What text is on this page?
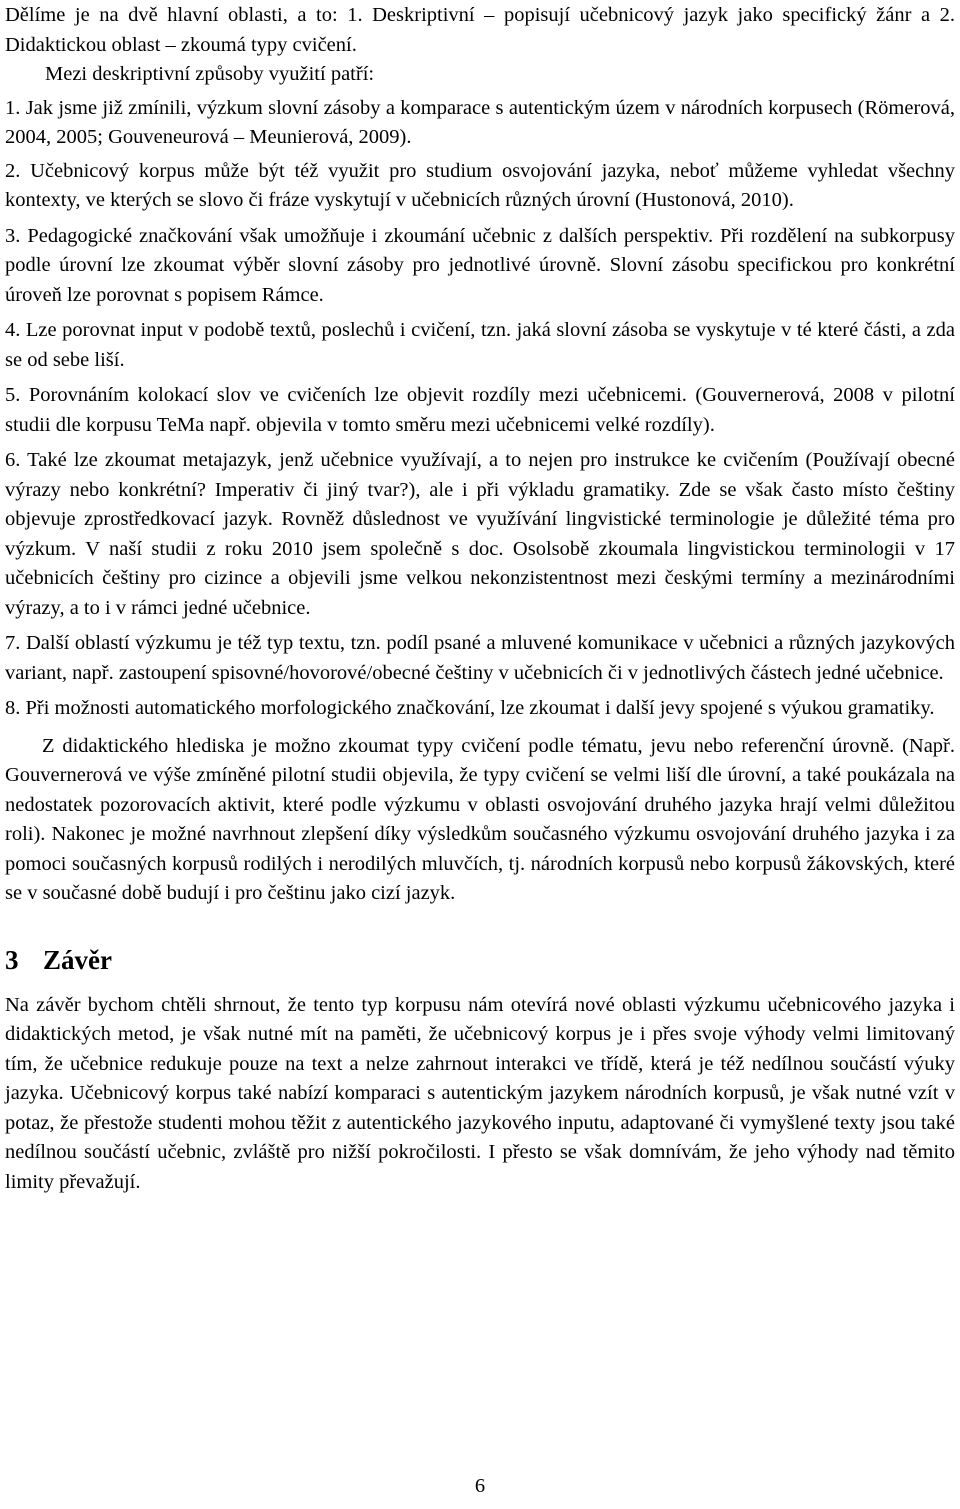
Dělíme je na dvě hlavní oblasti, a to: 1. Deskriptivní – popisují učebnicový jazyk jako specifický žánr a 2. Didaktickou oblast – zkoumá typy cvičení.

Mezi deskriptivní způsoby využití patří:

1. Jak jsme již zmínili, výzkum slovní zásoby a komparace s autentickým územ v národních korpusech (Römerová, 2004, 2005; Gouveneurová – Meunierová, 2009).

2. Učebnicový korpus může být též využit pro studium osvojování jazyka, neboť můžeme vyhledat všechny kontexty, ve kterých se slovo či fráze vyskytují v učebnicích různých úrovní (Hustonová, 2010).

3. Pedagogické značkování však umožňuje i zkoumání učebnic z dalších perspektiv. Při rozdělení na subkorpusy podle úrovní lze zkoumat výběr slovní zásoby pro jednotlivé úrovně. Slovní zásobu specifickou pro konkrétní úroveň lze porovnat s popisem Rámce.

4. Lze porovnat input v podobě textů, poslechů i cvičení, tzn. jaká slovní zásoba se vyskytuje v té které části, a zda se od sebe liší.

5. Porovnáním kolokací slov ve cvičeních lze objevit rozdíly mezi učebnicemi. (Gouvernerová, 2008 v pilotní studii dle korpusu TeMa např. objevila v tomto směru mezi učebnicemi velké rozdíly).

6. Také lze zkoumat metajazyk, jenž učebnice využívají, a to nejen pro instrukce ke cvičením (Používají obecné výrazy nebo konkrétní? Imperativ či jiný tvar?), ale i při výkladu gramatiky. Zde se však často místo češtiny objevuje zprostředkovací jazyk. Rovněž důslednost ve využívání lingvistické terminologie je důležité téma pro výzkum. V naší studii z roku 2010 jsem společně s doc. Osolsobě zkoumala lingvistickou terminologii v 17 učebnicích češtiny pro cizince a objevili jsme velkou nekonzistentnost mezi českými termíny a mezinárodními výrazy, a to i v rámci jedné učebnice.

7. Další oblastí výzkumu je též typ textu, tzn. podíl psané a mluvené komunikace v učebnici a různých jazykových variant, např. zastoupení spisovné/hovorové/obecné češtiny v učebnicích či v jednotlivých částech jedné učebnice.

8. Při možnosti automatického morfologického značkování, lze zkoumat i další jevy spojené s výukou gramatiky.

Z didaktického hlediska je možno zkoumat typy cvičení podle tématu, jevu nebo referenční úrovně. (Např. Gouvernerová ve výše zmíněné pilotní studii objevila, že typy cvičení se velmi liší dle úrovní, a také poukázala na nedostatek pozorovacích aktivit, které podle výzkumu v oblasti osvojování druhého jazyka hrají velmi důležitou roli). Nakonec je možné navrhnout zlepšení díky výsledkům současného výzkumu osvojování druhého jazyka i za pomoci současných korpusů rodilých i nerodilých mluvčích, tj. národních korpusů nebo korpusů žákovských, které se v současné době budují i pro češtinu jako cizí jazyk.

3 Závěr

Na závěr bychom chtěli shrnout, že tento typ korpusu nám otevírá nové oblasti výzkumu učebnicového jazyka i didaktických metod, je však nutné mít na paměti, že učebnicový korpus je i přes svoje výhody velmi limitovaný tím, že učebnice redukuje pouze na text a nelze zahrnout interakci ve třídě, která je též nedílnou součástí výuky jazyka. Učebnicový korpus také nabízí komparaci s autentickým jazykem národních korpusů, je však nutné vzít v potaz, že přestože studenti mohou těžit z autentického jazykového inputu, adaptované či vymyšlené texty jsou také nedílnou součástí učebnic, zvláště pro nižší pokročilosti. I přesto se však domnívám, že jeho výhody nad těmito limity převažují.

6
